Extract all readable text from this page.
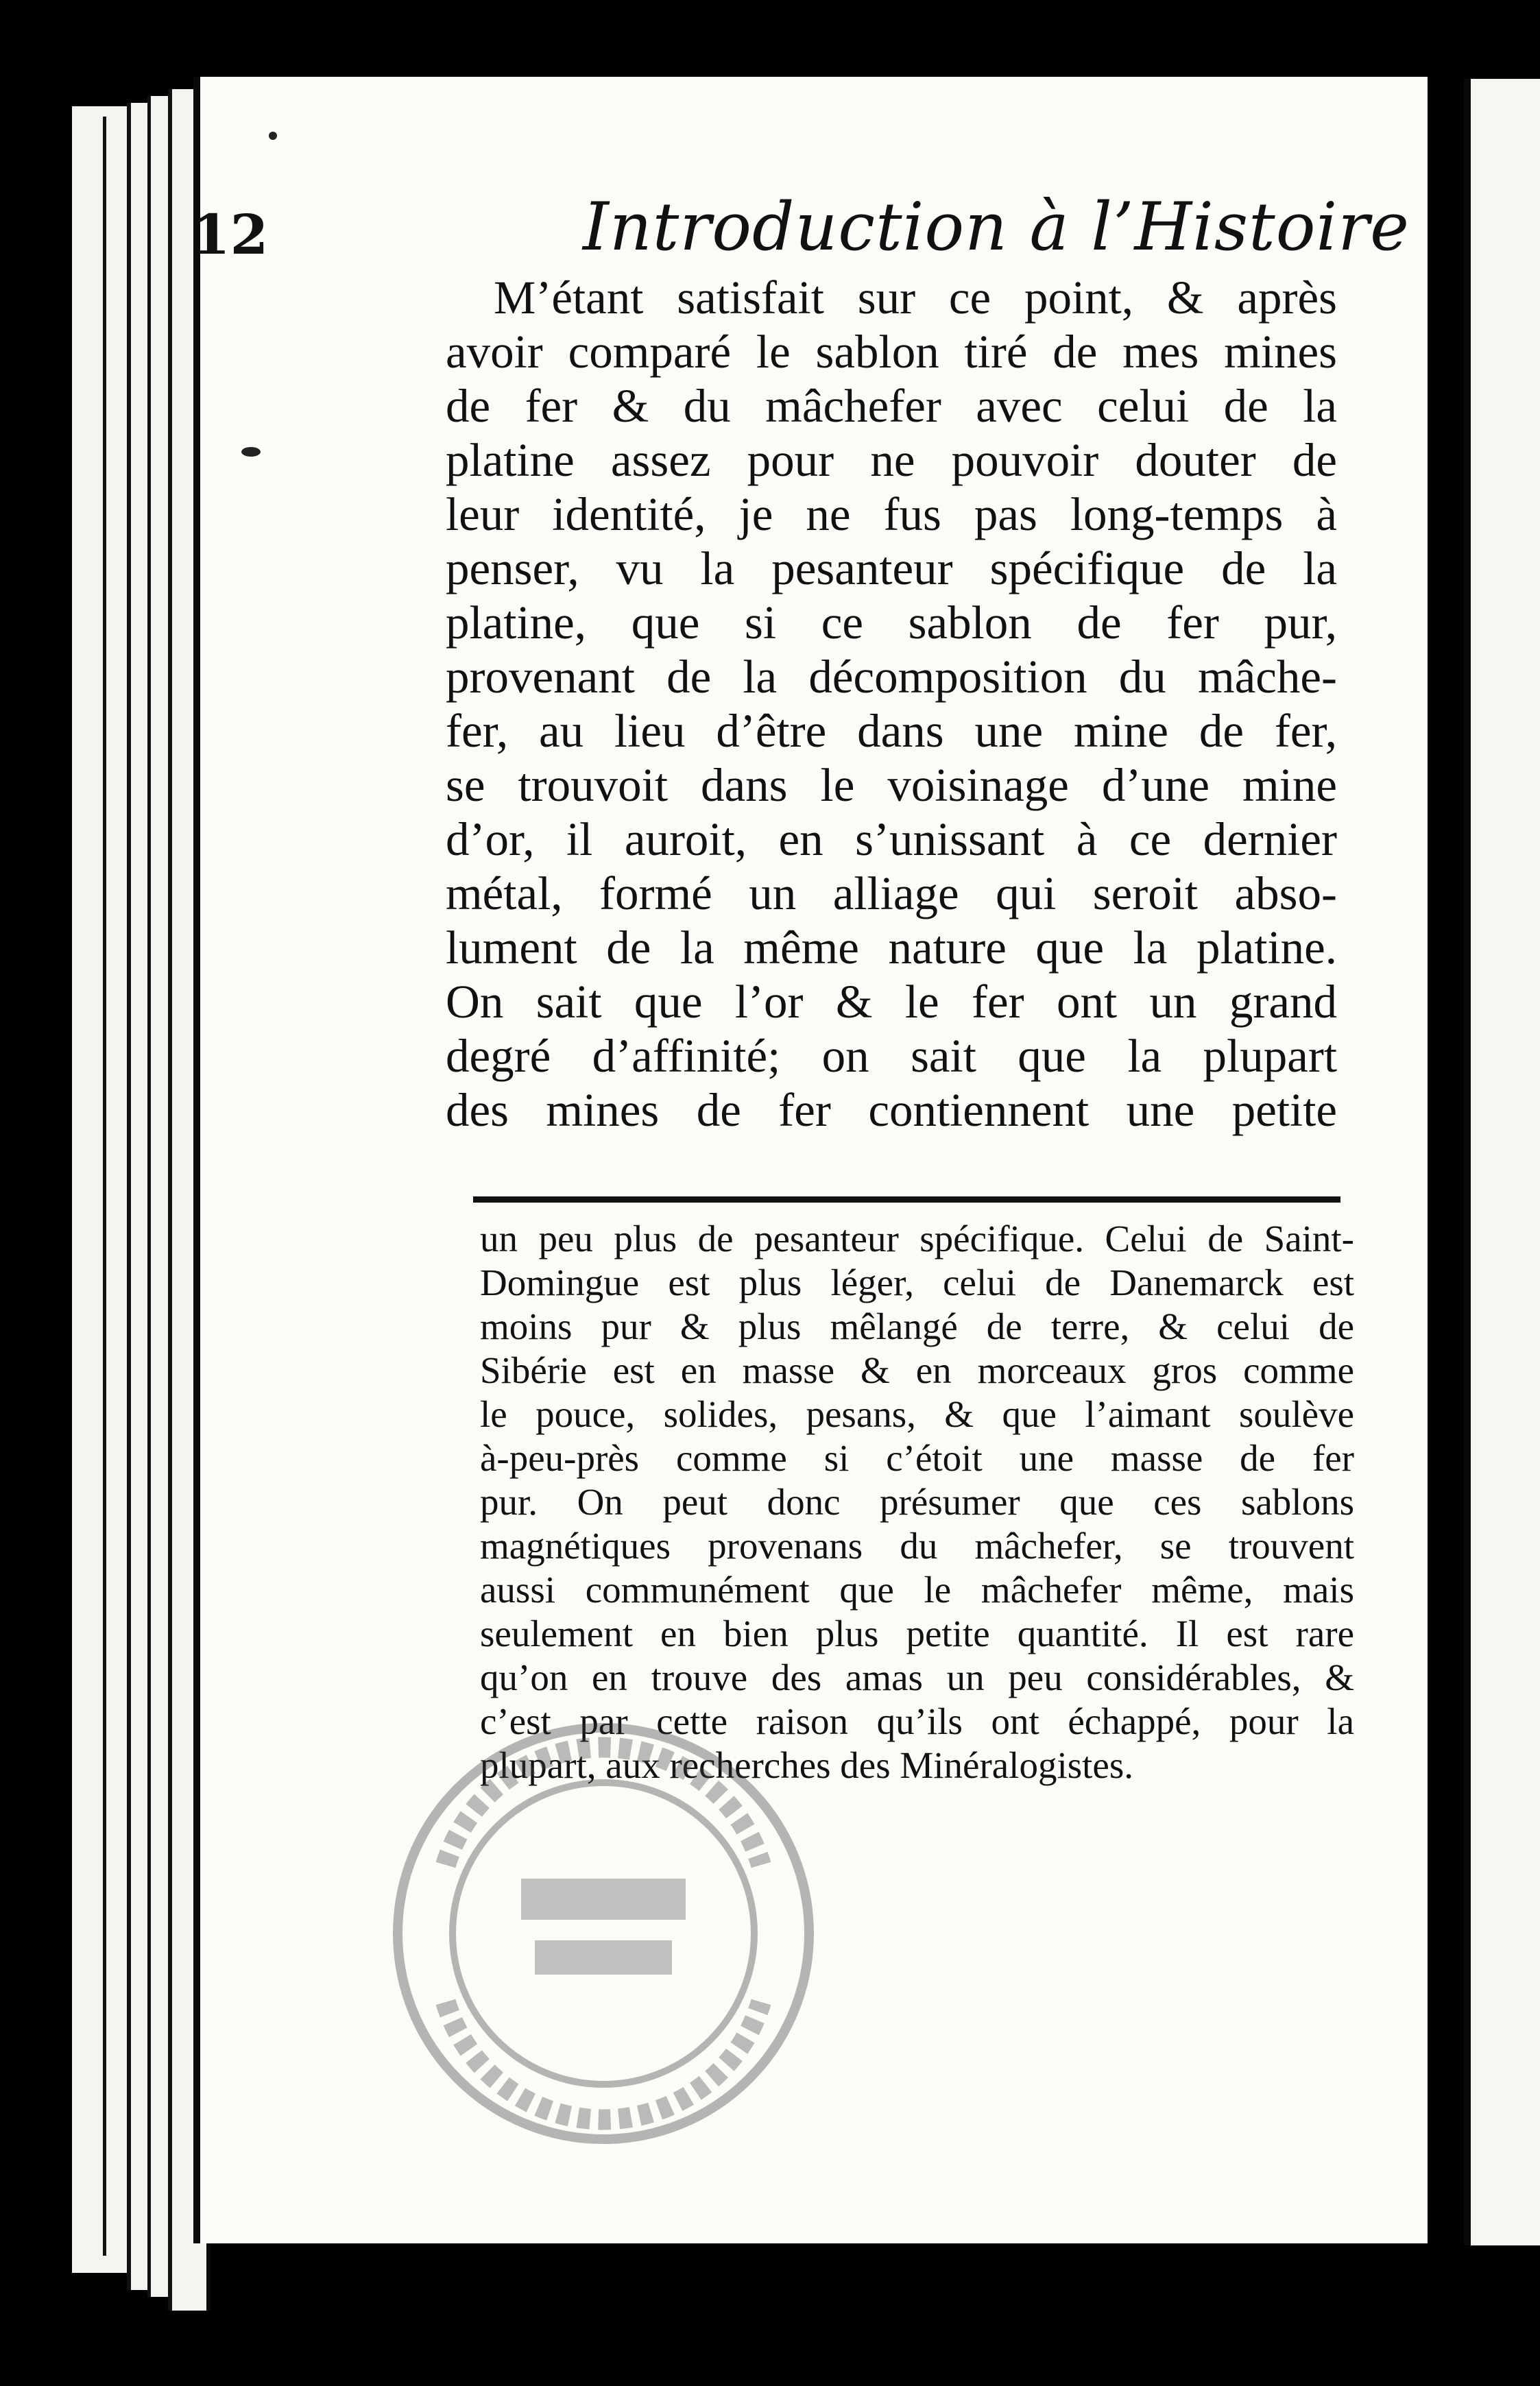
12	Introduction à l’Histoire
M’étant satisfait sur ce point, & après
avoir comparé le sablon tiré de mes mines
de fer & du mâchefer avec celui de la
platine assez pour ne pouvoir douter de
leur identité, je ne fus pas long-temps à
penser, vu la pesanteur spécifique de la
platine, que si ce sablon de fer pur,
provenant de la décomposition du mâche-
fer, au lieu d’être dans une mine de fer,
se trouvoit dans le voisinage d’une mine
d’or, il auroit, en s’unissant à ce dernier
métal, formé un alliage qui seroit abso-
lument de la même nature que la platine.
On sait que l’or & le fer ont un grand
degré d’affinité; on sait que la plupart
des mines de fer contiennent une petite
un peu plus de pesanteur spécifique. Celui de Saint-
Domingue est plus léger, celui de Danemarck est
moins pur & plus mêlangé de terre, & celui de
Sibérie est en masse & en morceaux gros comme
le pouce, solides, pesans, & que l’aimant soulève
à-peu-près comme si c’étoit une masse de fer
pur. On peut donc présumer que ces sablons
magnétiques provenans du mâchefer, se trouvent
aussi communément que le mâchefer même, mais
seulement en bien plus petite quantité. Il est rare
qu’on en trouve des amas un peu considérables, &
c’est par cette raison qu’ils ont échappé, pour la
plupart, aux recherches des Minéralogistes.
